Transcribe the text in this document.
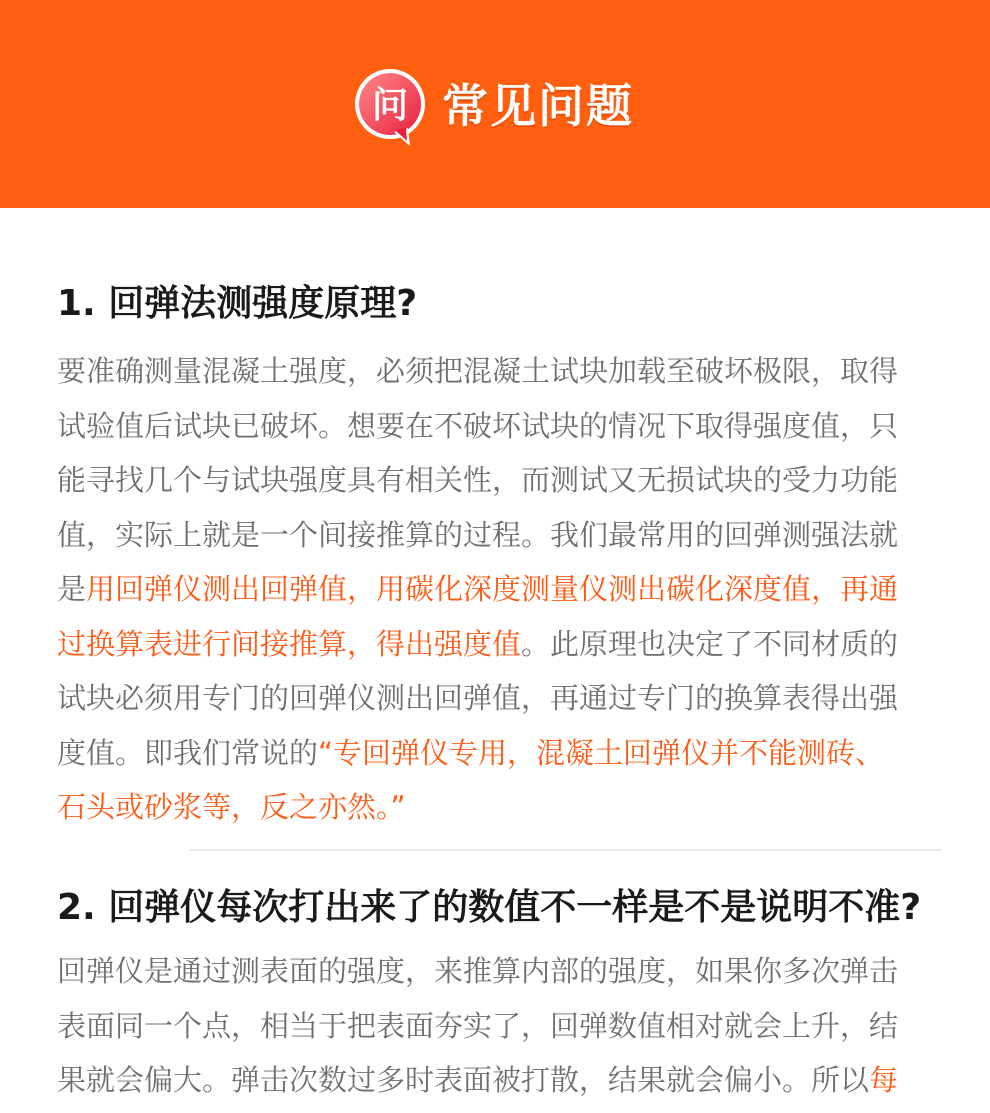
问 常见问题
1. 回弹法测强度原理?
要准确测量混凝土强度，必须把混凝土试块加载至破坏极限，取得
试验值后试块已破坏。想要在不破坏试块的情况下取得强度值，只
能寻找几个与试块强度具有相关性，而测试又无损试块的受力功能
值，实际上就是一个间接推算的过程。我们最常用的回弹测强法就
是用回弹仪测出回弹值，用碳化深度测量仪测出碳化深度值，再通
过换算表进行间接推算，得出强度值。此原理也决定了不同材质的
试块必须用专门的回弹仪测出回弹值，再通过专门的换算表得出强
度值。即我们常说的“专回弹仪专用，混凝土回弹仪并不能测砖、
石头或砂浆等，反之亦然。”
2. 回弹仪每次打出来了的数值不一样是不是说明不准?
回弹仪是通过测表面的强度，来推算内部的强度，如果你多次弹击
表面同一个点，相当于把表面夯实了，回弹数值相对就会上升，结
果就会偏大。弹击次数过多时表面被打散，结果就会偏小。所以每
